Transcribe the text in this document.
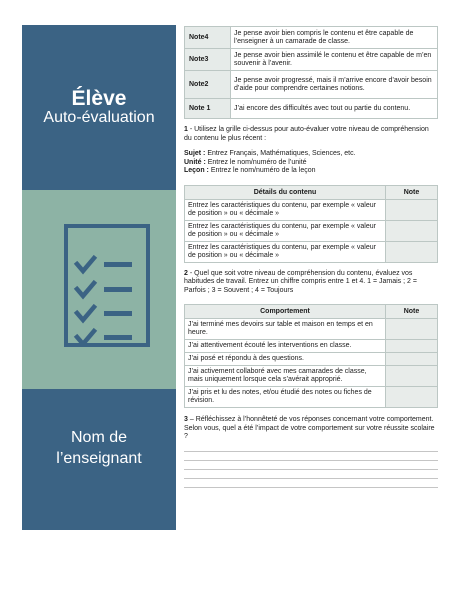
Élève
Auto-évaluation
Nom de
l’enseignant
Note4	Je pense avoir bien compris le contenu et être capable de l’enseigner à un camarade de classe.
Note3	Je pense avoir bien assimilé le contenu et être capable de m’en souvenir à l’avenir.
Note2	Je pense avoir progressé, mais il m’arrive encore d’avoir besoin d’aide pour comprendre certaines notions.
Note 1	J’ai encore des difficultés avec tout ou partie du contenu.

1 - Utilisez la grille ci-dessus pour auto-évaluer votre niveau de compréhension du contenu le plus récent :

Sujet : Entrez Français, Mathématiques, Sciences, etc.

Unité : Entrez le nom/numéro de l’unité

Leçon : Entrez le nom/numéro de la leçon

Détails du contenu	Note
Entrez les caractéristiques du contenu, par exemple « valeur de position » ou « décimale »	
Entrez les caractéristiques du contenu, par exemple « valeur de position » ou « décimale »	
Entrez les caractéristiques du contenu, par exemple « valeur de position » ou « décimale »	

2 - Quel que soit votre niveau de compréhension du contenu, évaluez vos habitudes de travail. Entrez un chiffre compris entre 1 et 4. 1 = Jamais ; 2 = Parfois ; 3 = Souvent ; 4 = Toujours

Comportement	Note
J’ai terminé mes devoirs sur table et maison en temps et en heure.	
J’ai attentivement écouté les interventions en classe.	
J’ai posé et répondu à des questions.	
J’ai activement collaboré avec mes camarades de classe, mais uniquement lorsque cela s’avérait approprié.	
J’ai pris et lu des notes, et/ou étudié des notes ou fiches de révision.	

3 – Réfléchissez à l’honnêteté de vos réponses concernant votre comportement. Selon vous, quel a été l’impact de votre comportement sur votre réussite scolaire ?
